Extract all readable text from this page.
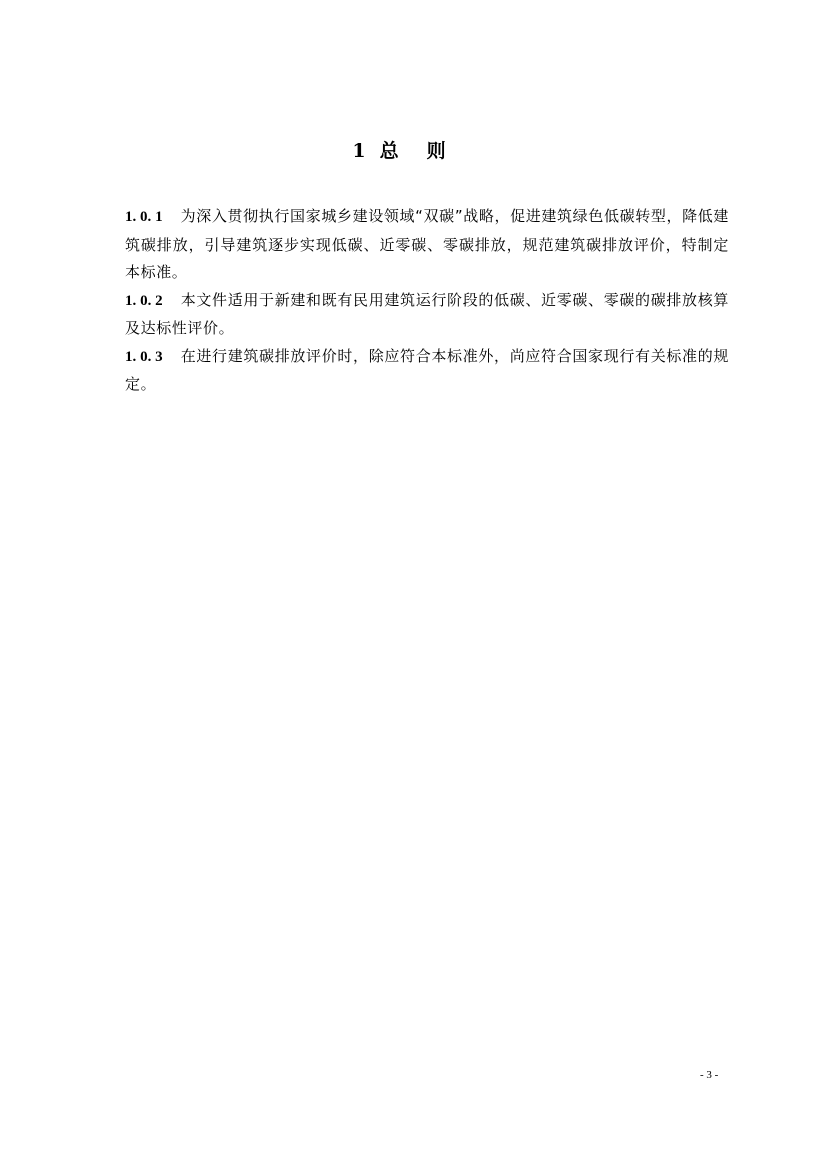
1 总则

1. 0. 1 为深入贯彻执行国家城乡建设领域“双碳”战略，促进建筑绿色低碳转型，降低建筑碳排放，引导建筑逐步实现低碳、近零碳、零碳排放，规范建筑碳排放评价，特制定本标准。

1. 0. 2 本文件适用于新建和既有民用建筑运行阶段的低碳、近零碳、零碳的碳排放核算及达标性评价。

1. 0. 3 在进行建筑碳排放评价时，除应符合本标准外，尚应符合国家现行有关标准的规定。

- 3 -
